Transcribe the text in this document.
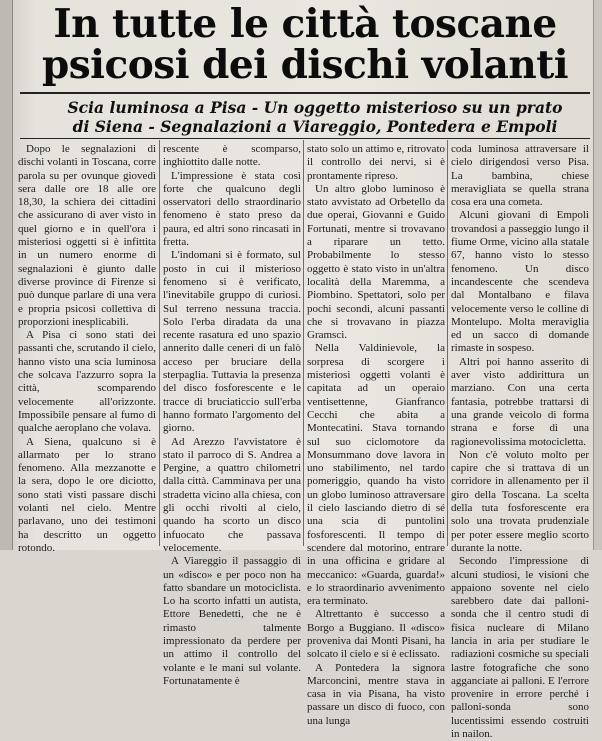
In tutte le città toscane
psicosi dei dischi volanti
Scia luminosa a Pisa - Un oggetto misterioso su un prato
di Siena - Segnalazioni a Viareggio, Pontedera e Empoli

Dopo le segnalazioni di dischi volanti in Toscana, corre parola su per ovunque giovedì sera dalle ore 18 alle ore 18,30, la schiera dei cittadini che assicurano di aver visto in quel giorno e in quell'ora i misteriosi oggetti si è infittita in un numero enorme di segnalazioni è giunto dalle diverse province di Firenze si può dunque parlare di una vera e propria psicosi collettiva di proporzioni inesplicabili.

A Pisa ci sono stati dei passanti che, scrutando il cielo, hanno visto una scia luminosa che solcava l'azzurro sopra la città, scomparendo velocemente all'orizzonte. Impossibile pensare al fumo di qualche aeroplano che volava.

A Siena, qualcuno si è allarmato per lo strano fenomeno. Alla mezzanotte e la sera, dopo le ore diciotto, sono stati visti passare dischi volanti nel cielo. Mentre parlavano, uno dei testimoni ha descritto un oggetto rotondo.

rescente è scomparso, inghiottito dalle notte.

L'impressione è stata così forte che qualcuno degli osservatori dello straordinario fenomeno è stato preso da paura, ed altri sono rincasati in fretta.

L'indomani si è formato, sul posto in cui il misterioso fenomeno si è verificato, l'inevitabile gruppo di curiosi. Sul terreno nessuna traccia. Solo l'erba diradata da una recente rasatura ed uno spazio annerito dalle ceneri di un falò acceso per bruciare della sterpaglia. Tuttavia la presenza del disco fosforescente e le tracce di bruciaticcio sull'erba hanno formato l'argomento del giorno.

Ad Arezzo l'avvistatore è stato il parroco di S. Andrea a Pergine, a quattro chilometri dalla città. Camminava per una stradetta vicino alla chiesa, con gli occhi rivolti al cielo, quando ha scorto un disco infuocato che passava velocemente.

A Viareggio il passaggio di un «disco» e per poco non ha fatto sbandare un motociclista. Lo ha scorto infatti un autista, Ettore Benedetti, che ne è rimasto talmente impressionato da perdere per un attimo il controllo del volante e le mani sul volante. Fortunatamente è

stato solo un attimo e, ritrovato il controllo dei nervi, si è prontamente ripreso.

Un altro globo luminoso è stato avvistato ad Orbetello da due operai, Giovanni e Guido Fortunati, mentre si trovavano a riparare un tetto. Probabilmente lo stesso oggetto è stato visto in un'altra località della Maremma, a Piombino. Spettatori, solo per pochi secondi, alcuni passanti che si trovavano in piazza Gramsci.

Nella Valdinievole, la sorpresa di scorgere i misteriosi oggetti volanti è capitata ad un operaio ventisettenne, Gianfranco Cecchi che abita a Montecatini. Stava tornando sul suo ciclomotore da Monsummano dove lavora in uno stabilimento, nel tardo pomeriggio, quando ha visto un globo luminoso attraversare il cielo lasciando dietro di sé una scia di puntolini fosforescenti. Il tempo di scendere dal motorino, entrare in una officina e gridare al meccanico: «Guarda, guarda!» e lo straordinario avvenimento era terminato.

Altrettanto è successo a Borgo a Buggiano. Il «disco» proveniva dai Monti Pisani, ha solcato il cielo e si è eclissato.

A Pontedera la signora Marconcini, mentre stava in casa in via Pisana, ha visto passare un disco di fuoco, con una lunga

coda luminosa attraversare il cielo dirigendosi verso Pisa. La bambina, chiese meravigliata se quella strana cosa era una cometa.

Alcuni giovani di Empoli trovandosi a passeggio lungo il fiume Orme, vicino alla statale 67, hanno visto lo stesso fenomeno. Un disco incandescente che scendeva dal Montalbano e filava velocemente verso le colline di Montelupo. Molta meraviglia ed un sacco di domande rimaste in sospeso.

Altri poi hanno asserito di aver visto addirittura un marziano. Con una certa fantasia, potrebbe trattarsi di una grande veicolo di forma strana e forse di una ragionevolissima motocicletta.

Non c'è voluto molto per capire che si trattava di un corridore in allenamento per il giro della Toscana. La scelta della tuta fosforescente era solo una trovata prudenziale per poter essere meglio scorto durante la notte.

Secondo l'impressione di alcuni studiosi, le visioni che appaiono sovente nel cielo sarebbero date dai palloni-sonda che il centro studi di fisica nucleare di Milano lancia in aria per studiare le radiazioni cosmiche su speciali lastre fotografiche che sono agganciate ai palloni. E l'errore provenire in errore perché i palloni-sonda sono lucentissimi essendo costruiti in nailon.
